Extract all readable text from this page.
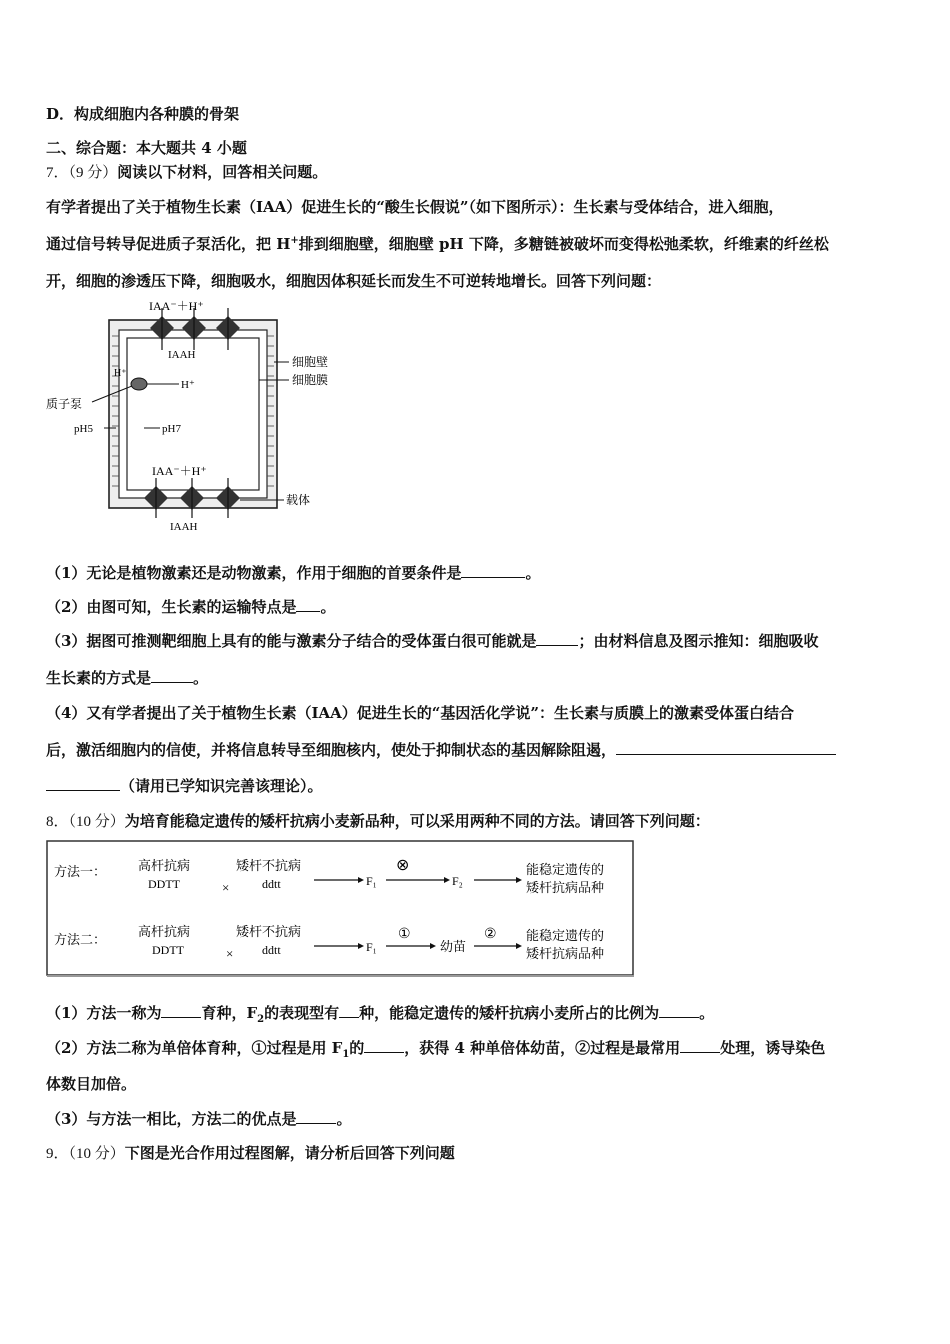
D．构成细胞内各种膜的骨架
二、综合题：本大题共 4 小题
7．（9 分）阅读以下材料，回答相关问题。
有学者提出了关于植物生长素（IAA）促进生长的“酸生长假说”（如下图所示）：生长素与受体结合，进入细胞，
通过信号转导促进质子泵活化，把 H+排到细胞壁，细胞壁 pH 下降，多糖链被破坏而变得松弛柔软，纤维素的纤丝松
开，细胞的渗透压下降，细胞吸水，细胞因体积延长而发生不可逆转地增长。回答下列问题：
IAA⁻＋H⁺
IAAH
IAA⁻＋H⁺
IAAH
H⁺
H⁺
质子泵
pH5	pH7
细胞壁
细胞膜
载体
（1）无论是植物激素还是动物激素，作用于细胞的首要条件是	。
（2）由图可知，生长素的运输特点是 。
（3）据图可推测靶细胞上具有的能与激素分子结合的受体蛋白很可能就是	；由材料信息及图示推知：细胞吸收
生长素的方式是	。
（4）又有学者提出了关于植物生长素（IAA）促进生长的“基因活化学说”：生长素与质膜上的激素受体蛋白结合
后，激活细胞内的信使，并将信息转导至细胞核内，使处于抑制状态的基因解除阻遏，
（请用已学知识完善该理论）。
8．（10 分）为培育能稳定遗传的矮杆抗病小麦新品种，可以采用两种不同的方法。请回答下列问题：
方法一： 高杆抗病
DDTT	×
矮杆不抗病
ddtt	F₁
⊗
F₂
能稳定遗传的
矮杆抗病品种
方法二：
高杆抗病
DDTT	×
矮杆不抗病
ddtt	F₁
①
幼苗
② 能稳定遗传的
矮杆抗病品种
（1）方法一称为	育种，$F_2$的表现型有 种，能稳定遗传的矮杆抗病小麦所占的比例为	。
（2）方法二称为单倍体育种，①过程是用 $F_1$的	，获得 4 种单倍体幼苗，②过程是最常用	处理，诱导染色
体数目加倍。
（3）与方法一相比，方法二的优点是	。
9．（10 分）下图是光合作用过程图解，请分析后回答下列问题
